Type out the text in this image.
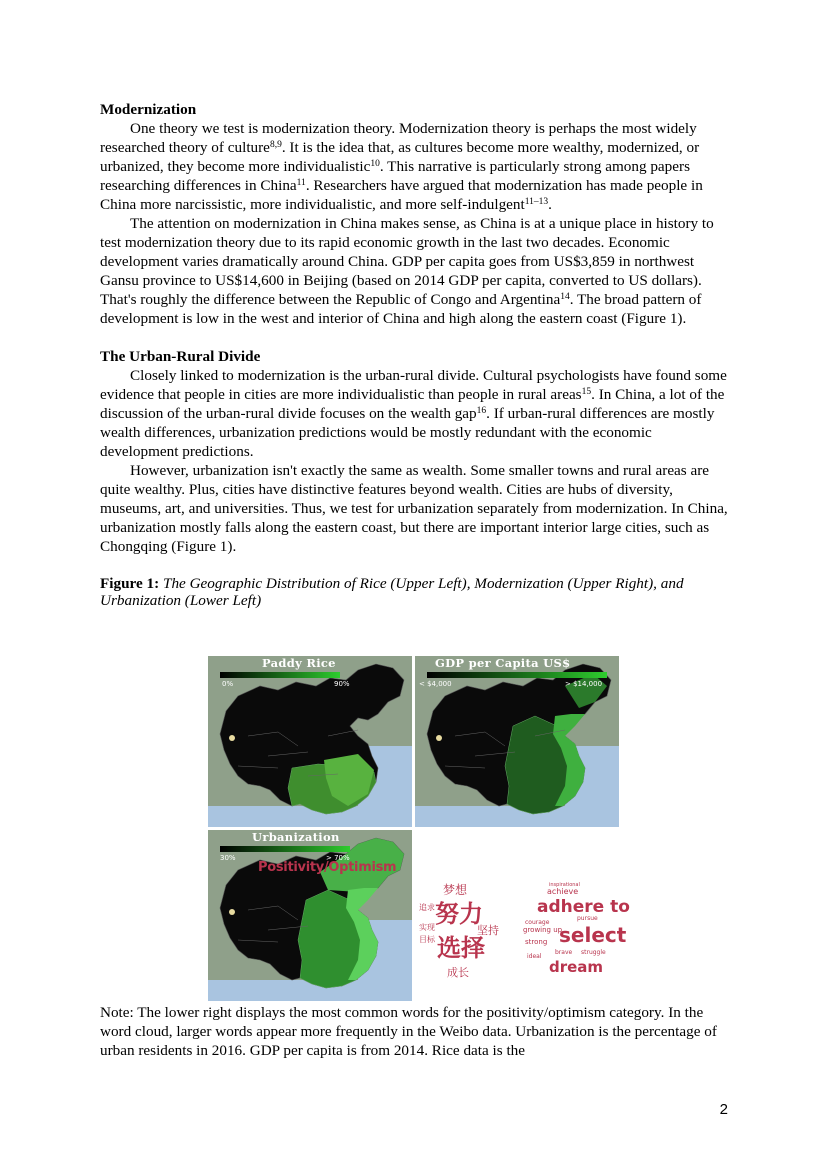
Modernization

One theory we test is modernization theory. Modernization theory is perhaps the most widely researched theory of culture$^{8,9}$. It is the idea that, as cultures become more wealthy, modernized, or urbanized, they become more individualistic$^{10}$. This narrative is particularly strong among papers researching differences in China$^{11}$. Researchers have argued that modernization has made people in China more narcissistic, more individualistic, and more self-indulgent$^{11-13}$.

The attention on modernization in China makes sense, as China is at a unique place in history to test modernization theory due to its rapid economic growth in the last two decades. Economic development varies dramatically around China. GDP per capita goes from US$3,859 in northwest Gansu province to US$14,600 in Beijing (based on 2014 GDP per capita, converted to US dollars). That's roughly the difference between the Republic of Congo and Argentina$^{14}$. The broad pattern of development is low in the west and interior of China and high along the eastern coast (Figure 1).

The Urban-Rural Divide

Closely linked to modernization is the urban-rural divide. Cultural psychologists have found some evidence that people in cities are more individualistic than people in rural areas$^{15}$. In China, a lot of the discussion of the urban-rural divide focuses on the wealth gap$^{16}$. If urban-rural differences are mostly wealth differences, urbanization predictions would be mostly redundant with the economic development predictions.

However, urbanization isn't exactly the same as wealth. Some smaller towns and rural areas are quite wealthy. Plus, cities have distinctive features beyond wealth. Cities are hubs of diversity, museums, art, and universities. Thus, we test for urbanization separately from modernization. In China, urbanization mostly falls along the eastern coast, but there are important interior large cities, such as Chongqing (Figure 1).

Figure 1: The Geographic Distribution of Rice (Upper Left), Modernization (Upper Right), and Urbanization (Lower Left)

Paddy Rice
0%	90%
GDP per Capita US$
< $4,000	> $14,000
Urbanization
30%	> 70%
Positivity/Optimism
梦想
努力
坚持
选择
成长
实现
追求
目标
inspirational
achieve
adhere to
courage
pursue
growing up
select
strong
brave struggle
ideal
dream

Note: The lower right displays the most common words for the positivity/optimism category. In the word cloud, larger words appear more frequently in the Weibo data. Urbanization is the percentage of urban residents in 2016. GDP per capita is from 2014. Rice data is the

2
